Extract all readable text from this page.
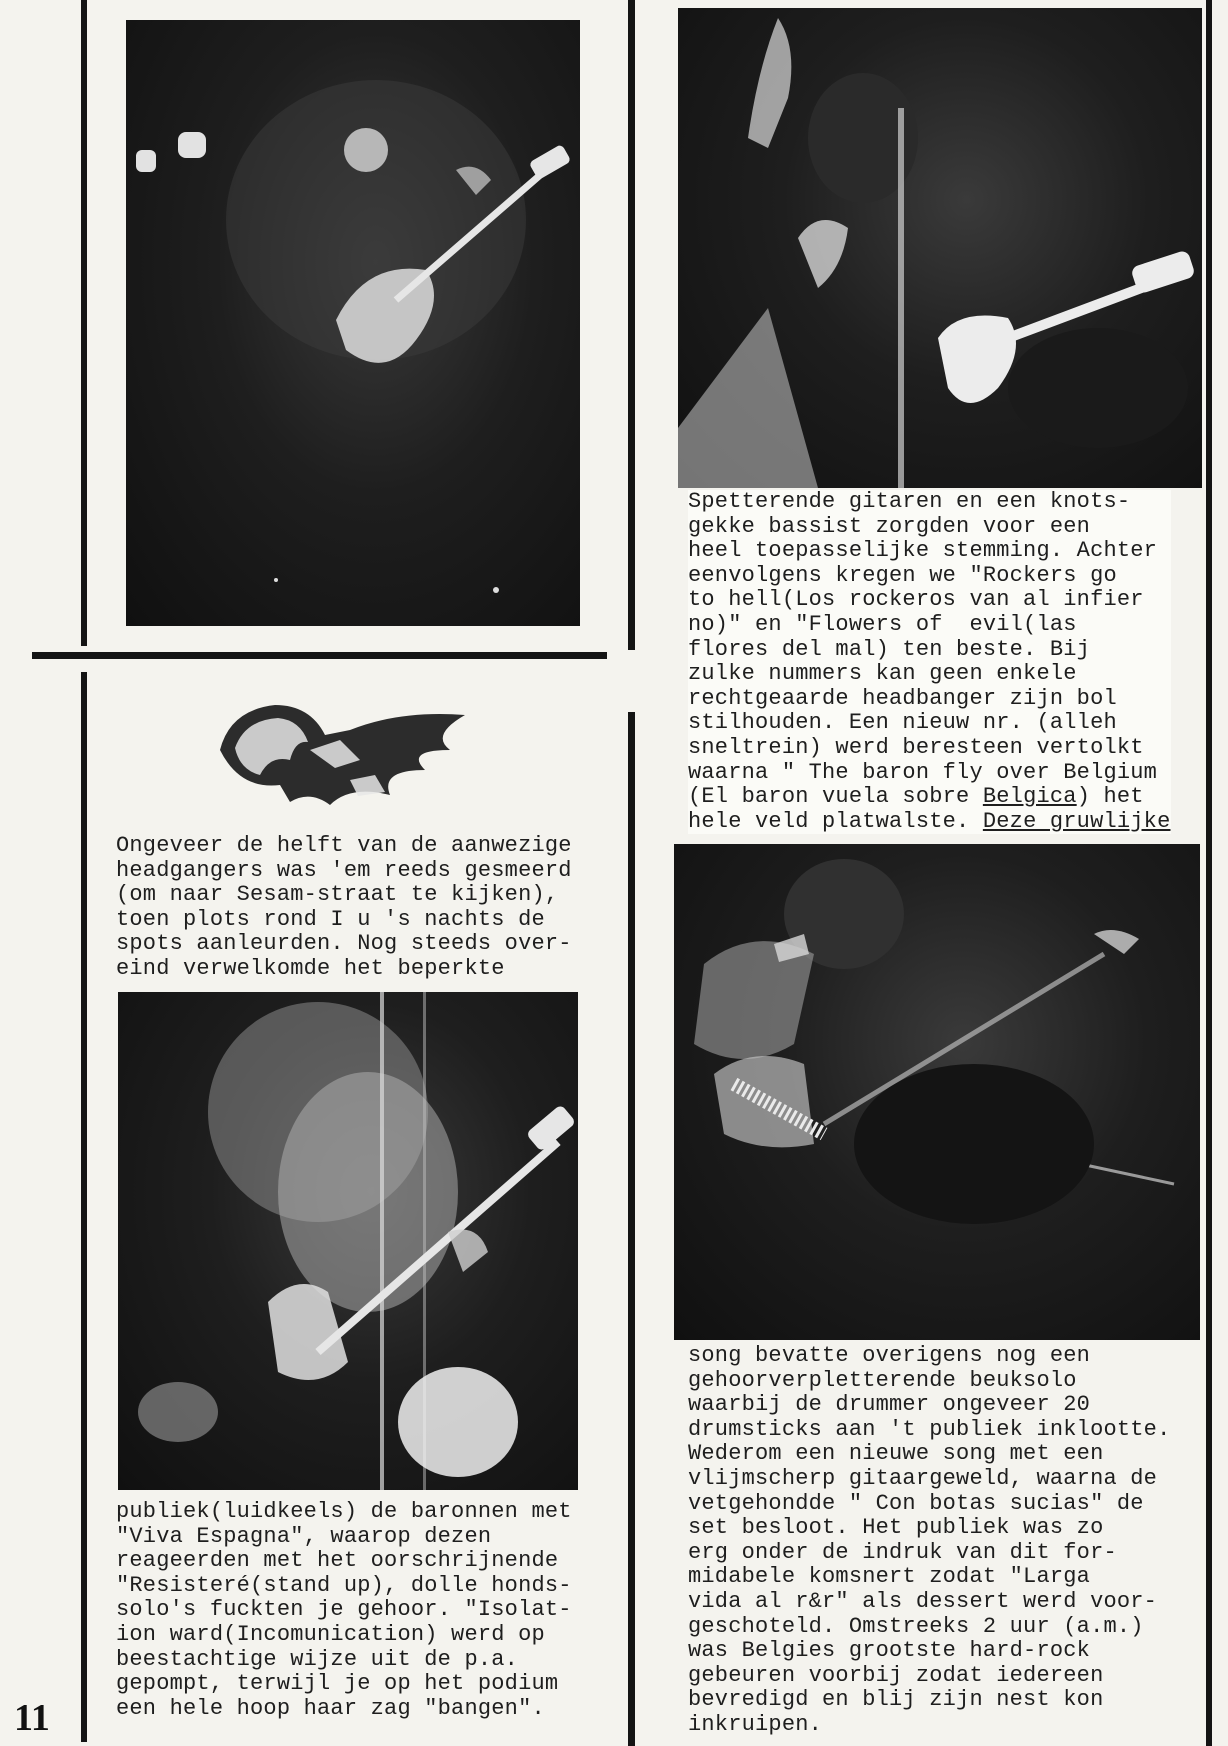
Ongeveer de helft van de aanwezige
headgangers was 'em reeds gesmeerd
(om naar Sesam-straat te kijken),
toen plots rond I u 's nachts de
spots aanleurden. Nog steeds over-
eind verwelkomde het beperkte
publiek(luidkeels) de baronnen met
"Viva Espagna", waarop dezen
reageerden met het oorschrijnende
"Resisteré(stand up), dolle honds-
solo's fuckten je gehoor. "Isolat-
ion ward(Incomunication) werd op
beestachtige wijze uit de p.a.
gepompt, terwijl je op het podium
een hele hoop haar zag "bangen".
Spetterende gitaren en een knots-
gekke bassist zorgden voor een
heel toepasselijke stemming. Achter
eenvolgens kregen we "Rockers go
to hell(Los rockeros van al infier
no)" en "Flowers of  evil(las
flores del mal) ten beste. Bij
zulke nummers kan geen enkele
rechtgeaarde headbanger zijn bol
stilhouden. Een nieuw nr. (alleh
sneltrein) werd beresteen vertolkt
waarna " The baron fly over Belgium
(El baron vuela sobre Belgica) het
hele veld platwalste. Deze gruwlijke
song bevatte overigens nog een
gehoorverpletterende beuksolo
waarbij de drummer ongeveer 20
drumsticks aan 't publiek inklootte.
Wederom een nieuwe song met een
vlijmscherp gitaargeweld, waarna de
vetgehondde " Con botas sucias" de
set besloot. Het publiek was zo
erg onder de indruk van dit for-
midabele komsnert zodat "Larga
vida al r&r" als dessert werd voor-
geschoteld. Omstreeks 2 uur (a.m.)
was Belgies grootste hard-rock
gebeuren voorbij zodat iedereen
bevredigd en blij zijn nest kon
inkruipen.
11
